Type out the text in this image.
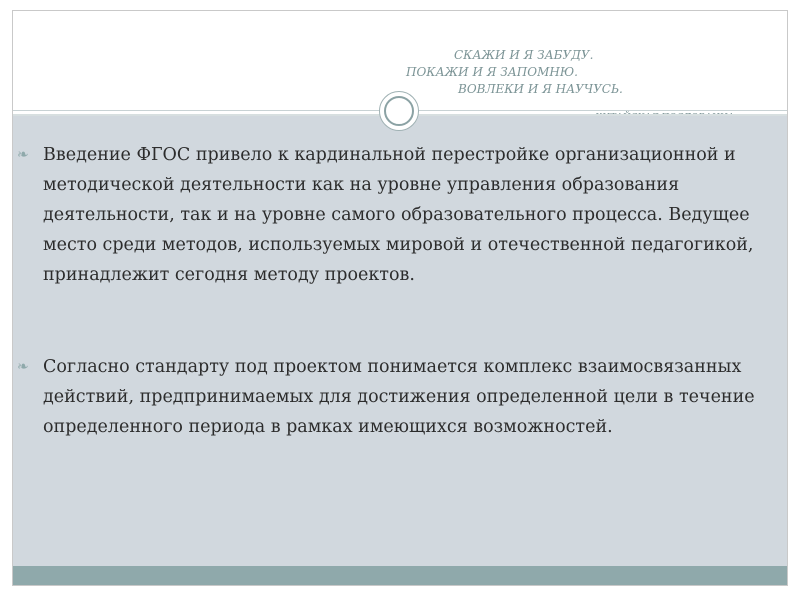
СКАЖИ И Я ЗАБУДУ.
ПОКАЖИ И Я ЗАПОМНЮ.
ВОВЛЕКИ И Я НАУЧУСЬ.
❧ Введение ФГОС привело к кардинальной перестройке организационной и методической деятельности как на уровне управления образования деятельности, так и на уровне самого образовательного процесса. Ведущее место среди методов, используемых мировой и отечественной педагогикой, принадлежит сегодня методу проектов.
❧ Согласно стандарту под проектом понимается комплекс взаимосвязанных действий, предпринимаемых для достижения определенной цели в течение определенного периода в рамках имеющихся возможностей.
